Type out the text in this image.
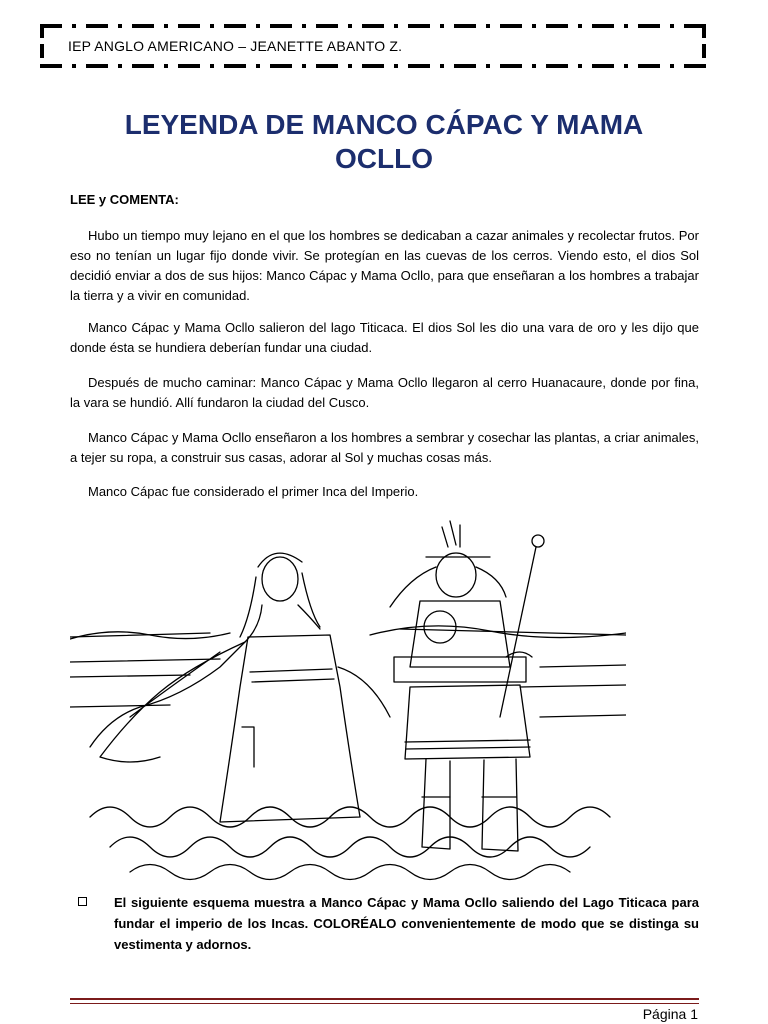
IEP ANGLO AMERICANO – JEANETTE ABANTO Z.
LEYENDA DE MANCO CÁPAC Y MAMA
OCLLO
LEE y COMENTA:

Hubo un tiempo muy lejano en el que los hombres se dedicaban a cazar animales y recolectar frutos. Por eso no tenían un lugar fijo donde vivir. Se protegían en las cuevas de los cerros. Viendo esto, el dios Sol decidió enviar a dos de sus hijos: Manco Cápac y Mama Ocllo, para que enseñaran a los hombres a trabajar la tierra y a vivir en comunidad.

Manco Cápac y Mama Ocllo salieron del lago Titicaca. El dios Sol les dio una vara de oro y les dijo que donde ésta se hundiera deberían fundar una ciudad.

Después de mucho caminar: Manco Cápac y Mama Ocllo llegaron al cerro Huanacaure, donde por fina, la vara se hundió. Allí fundaron la ciudad del Cusco.

Manco Cápac y Mama Ocllo enseñaron a los hombres a sembrar y cosechar las plantas, a criar animales, a tejer su ropa, a construir sus casas, adorar al Sol y muchas cosas más.

Manco Cápac fue considerado el primer Inca del Imperio.

El siguiente esquema muestra a Manco Cápac y Mama Ocllo saliendo del Lago Titicaca para fundar el imperio de los Incas. COLORÉALO convenientemente de modo que se distinga su vestimenta y adornos.

Página 1
